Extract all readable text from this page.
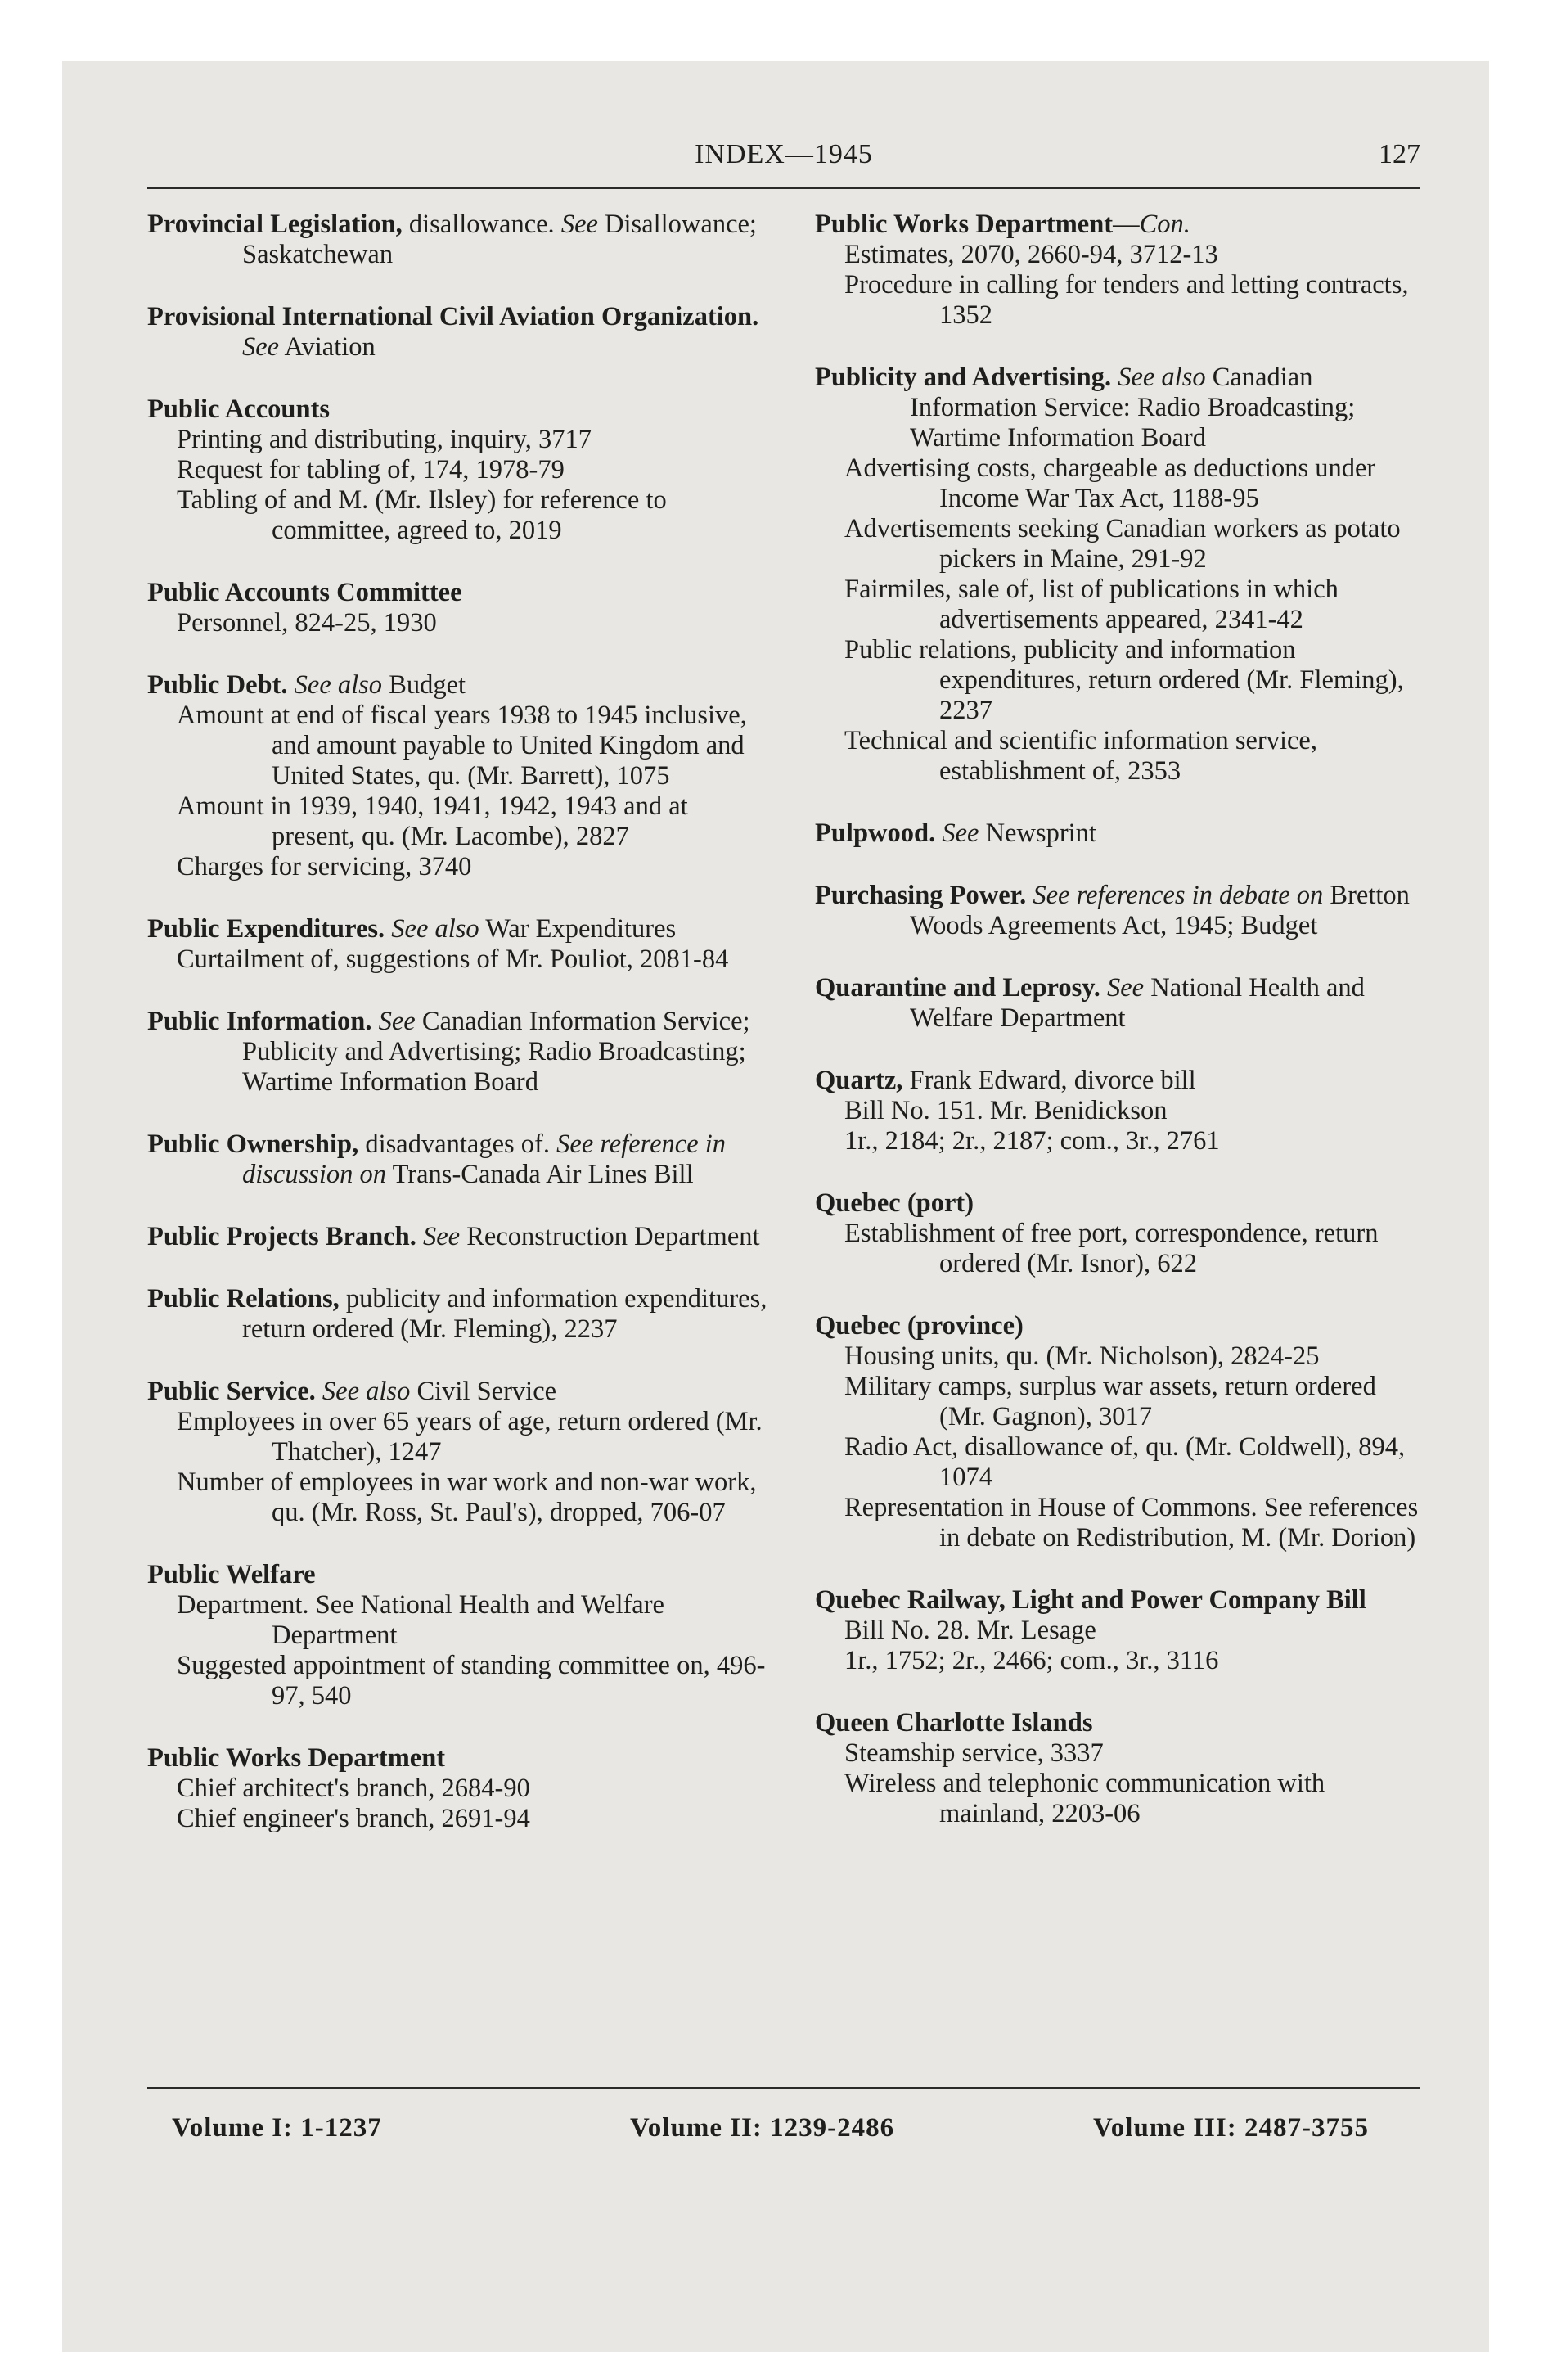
INDEX—1945	127
Provincial Legislation, disallowance. See Disallowance; Saskatchewan
Provisional International Civil Aviation Organization. See Aviation
Public Accounts
Printing and distributing, inquiry, 3717
Request for tabling of, 174, 1978-79
Tabling of and M. (Mr. Ilsley) for reference to committee, agreed to, 2019
Public Accounts Committee
Personnel, 824-25, 1930
Public Debt. See also Budget
Amount at end of fiscal years 1938 to 1945 inclusive, and amount payable to United Kingdom and United States, qu. (Mr. Barrett), 1075
Amount in 1939, 1940, 1941, 1942, 1943 and at present, qu. (Mr. Lacombe), 2827
Charges for servicing, 3740
Public Expenditures. See also War Expenditures
Curtailment of, suggestions of Mr. Pouliot, 2081-84
Public Information. See Canadian Information Service; Publicity and Advertising; Radio Broadcasting; Wartime Information Board
Public Ownership, disadvantages of. See reference in discussion on Trans-Canada Air Lines Bill
Public Projects Branch. See Reconstruction Department
Public Relations, publicity and information expenditures, return ordered (Mr. Fleming), 2237
Public Service. See also Civil Service
Employees in over 65 years of age, return ordered (Mr. Thatcher), 1247
Number of employees in war work and non-war work, qu. (Mr. Ross, St. Paul's), dropped, 706-07
Public Welfare
Department. See National Health and Welfare Department
Suggested appointment of standing committee on, 496-97, 540
Public Works Department
Chief architect's branch, 2684-90
Chief engineer's branch, 2691-94
Public Works Department—Con.
Estimates, 2070, 2660-94, 3712-13
Procedure in calling for tenders and letting contracts, 1352
Publicity and Advertising. See also Canadian Information Service: Radio Broadcasting; Wartime Information Board
Advertising costs, chargeable as deductions under Income War Tax Act, 1188-95
Advertisements seeking Canadian workers as potato pickers in Maine, 291-92
Fairmiles, sale of, list of publications in which advertisements appeared, 2341-42
Public relations, publicity and information expenditures, return ordered (Mr. Fleming), 2237
Technical and scientific information service, establishment of, 2353
Pulpwood. See Newsprint
Purchasing Power. See references in debate on Bretton Woods Agreements Act, 1945; Budget
Quarantine and Leprosy. See National Health and Welfare Department
Quartz, Frank Edward, divorce bill
Bill No. 151. Mr. Benidickson
1r., 2184; 2r., 2187; com., 3r., 2761
Quebec (port)
Establishment of free port, correspondence, return ordered (Mr. Isnor), 622
Quebec (province)
Housing units, qu. (Mr. Nicholson), 2824-25
Military camps, surplus war assets, return ordered (Mr. Gagnon), 3017
Radio Act, disallowance of, qu. (Mr. Coldwell), 894, 1074
Representation in House of Commons. See references in debate on Redistribution, M. (Mr. Dorion)
Quebec Railway, Light and Power Company Bill
Bill No. 28. Mr. Lesage
1r., 1752; 2r., 2466; com., 3r., 3116
Queen Charlotte Islands
Steamship service, 3337
Wireless and telephonic communication with mainland, 2203-06
Volume I: 1-1237	Volume II: 1239-2486	Volume III: 2487-3755
